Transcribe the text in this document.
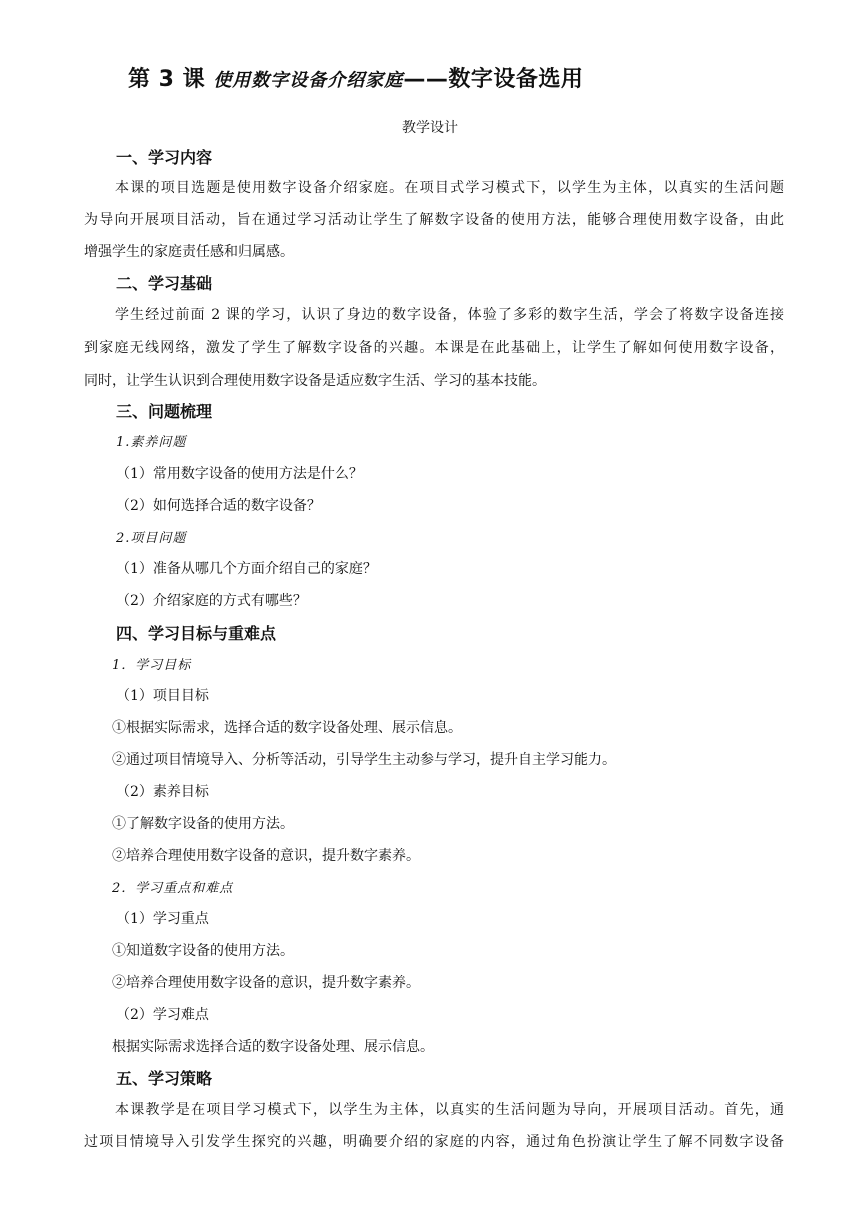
第 3 课 使用数字设备介绍家庭——数字设备选用
教学设计
一、学习内容
本课的项目选题是使用数字设备介绍家庭。在项目式学习模式下，以学生为主体，以真实的生活问题
为导向开展项目活动，旨在通过学习活动让学生了解数字设备的使用方法，能够合理使用数字设备，由此
增强学生的家庭责任感和归属感。
二、学习基础
学生经过前面 2 课的学习，认识了身边的数字设备，体验了多彩的数字生活，学会了将数字设备连接
到家庭无线网络，激发了学生了解数字设备的兴趣。本课是在此基础上，让学生了解如何使用数字设备，
同时，让学生认识到合理使用数字设备是适应数字生活、学习的基本技能。
三、问题梳理
1.素养问题
（1）常用数字设备的使用方法是什么？
（2）如何选择合适的数字设备？
2.项目问题
（1）准备从哪几个方面介绍自己的家庭？
（2）介绍家庭的方式有哪些？
四、学习目标与重难点
1．学习目标
（1）项目目标
①根据实际需求，选择合适的数字设备处理、展示信息。
②通过项目情境导入、分析等活动，引导学生主动参与学习，提升自主学习能力。
（2）素养目标
①了解数字设备的使用方法。
②培养合理使用数字设备的意识，提升数字素养。
2．学习重点和难点
（1）学习重点
①知道数字设备的使用方法。
②培养合理使用数字设备的意识，提升数字素养。
（2）学习难点
根据实际需求选择合适的数字设备处理、展示信息。
五、学习策略
本课教学是在项目学习模式下，以学生为主体，以真实的生活问题为导向，开展项目活动。首先，通
过项目情境导入引发学生探究的兴趣，明确要介绍的家庭的内容，通过角色扮演让学生了解不同数字设备
